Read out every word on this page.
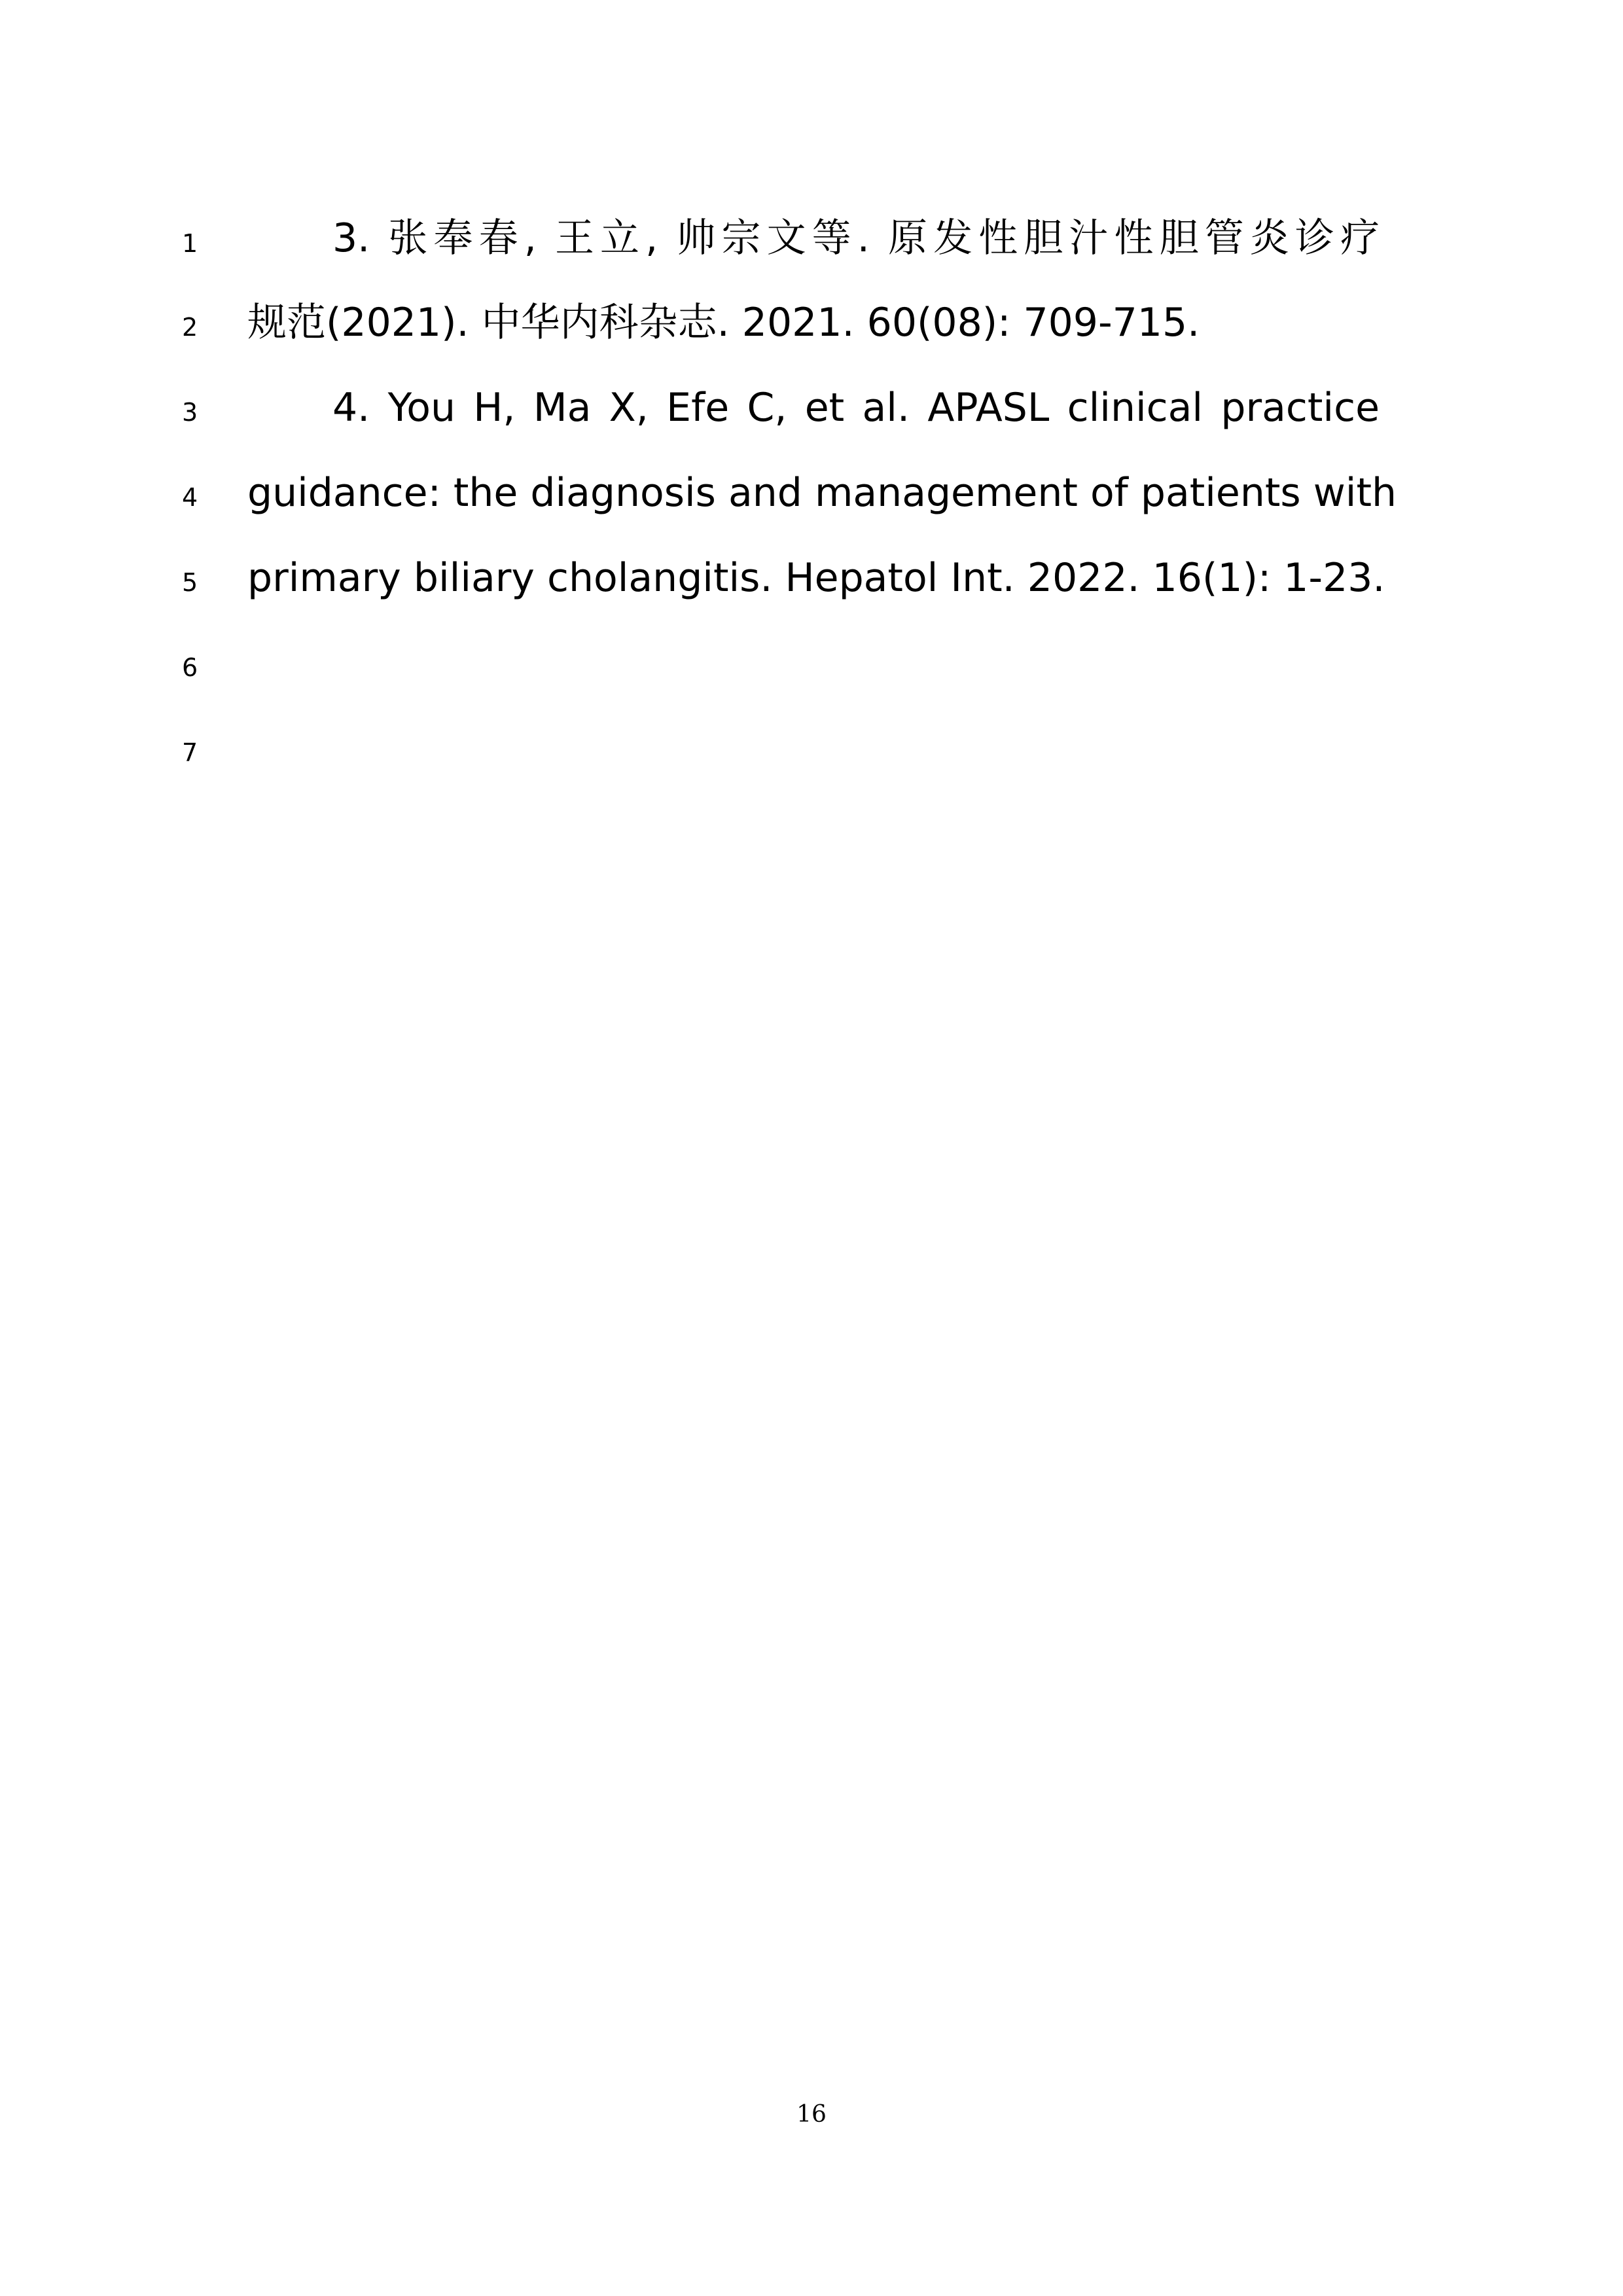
1
2
3
4
5
6
7
3. 张奉春, 王立, 帅宗文等. 原发性胆汁性胆管炎诊疗
规范(2021). 中华内科杂志. 2021. 60(08): 709-715.
4. You H, Ma X, Efe C, et al. APASL clinical practice
guidance: the diagnosis and management of patients with
primary biliary cholangitis. Hepatol Int. 2022. 16(1): 1-23.
16
